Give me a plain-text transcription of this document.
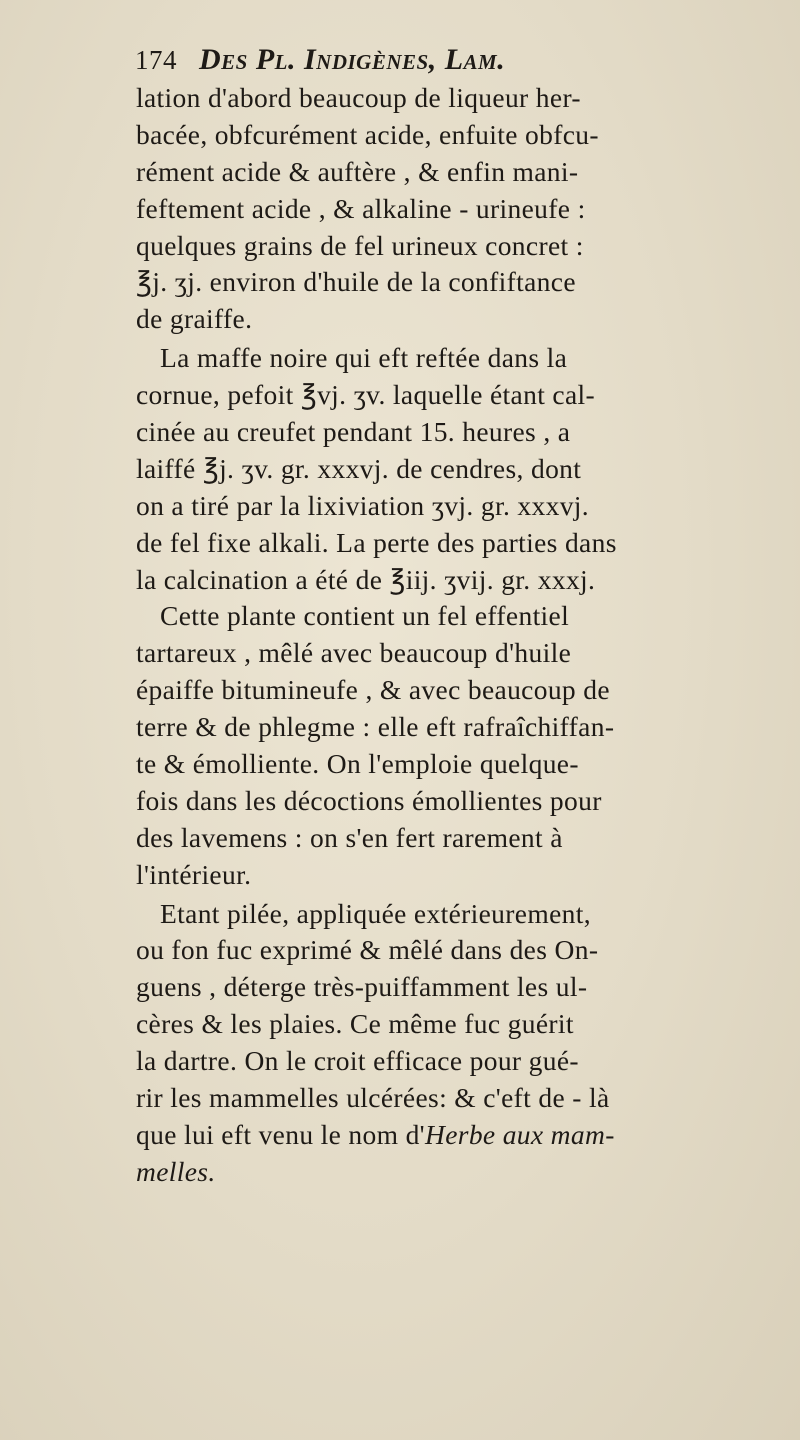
174 Des Pl. Indigènes, Lam.
lation d'abord beaucoup de liqueur her-
bacée, obfcurément acide, enfuite obfcu-
rément acide & auftère , & enfin mani-
feftement acide , & alkaline - urineufe :
quelques grains de fel urineux concret :
℥j. ʒj. environ d'huile de la confiftance
de graiffe.
La maffe noire qui eft reftée dans la
cornue, pefoit ℥vj. ʒv. laquelle étant cal-
cinée au creufet pendant 15. heures , a
laiffé ℥j. ʒv. gr. xxxvj. de cendres, dont
on a tiré par la lixiviation ʒvj. gr. xxxvj.
de fel fixe alkali. La perte des parties dans
la calcination a été de ℥iij. ʒvij. gr. xxxj.
Cette plante contient un fel effentiel
tartareux , mêlé avec beaucoup d'huile
épaiffe bitumineufe , & avec beaucoup de
terre & de phlegme : elle eft rafraîchiffan-
te & émolliente. On l'emploie quelque-
fois dans les décoctions émollientes pour
des lavemens : on s'en fert rarement à
l'intérieur.
Etant pilée, appliquée extérieurement,
ou fon fuc exprimé & mêlé dans des On-
guens , déterge très-puiffamment les ul-
cères & les plaies. Ce même fuc guérit
la dartre. On le croit efficace pour gué-
rir les mammelles ulcérées: & c'eft de - là
que lui eft venu le nom d'Herbe aux mam-
melles.
